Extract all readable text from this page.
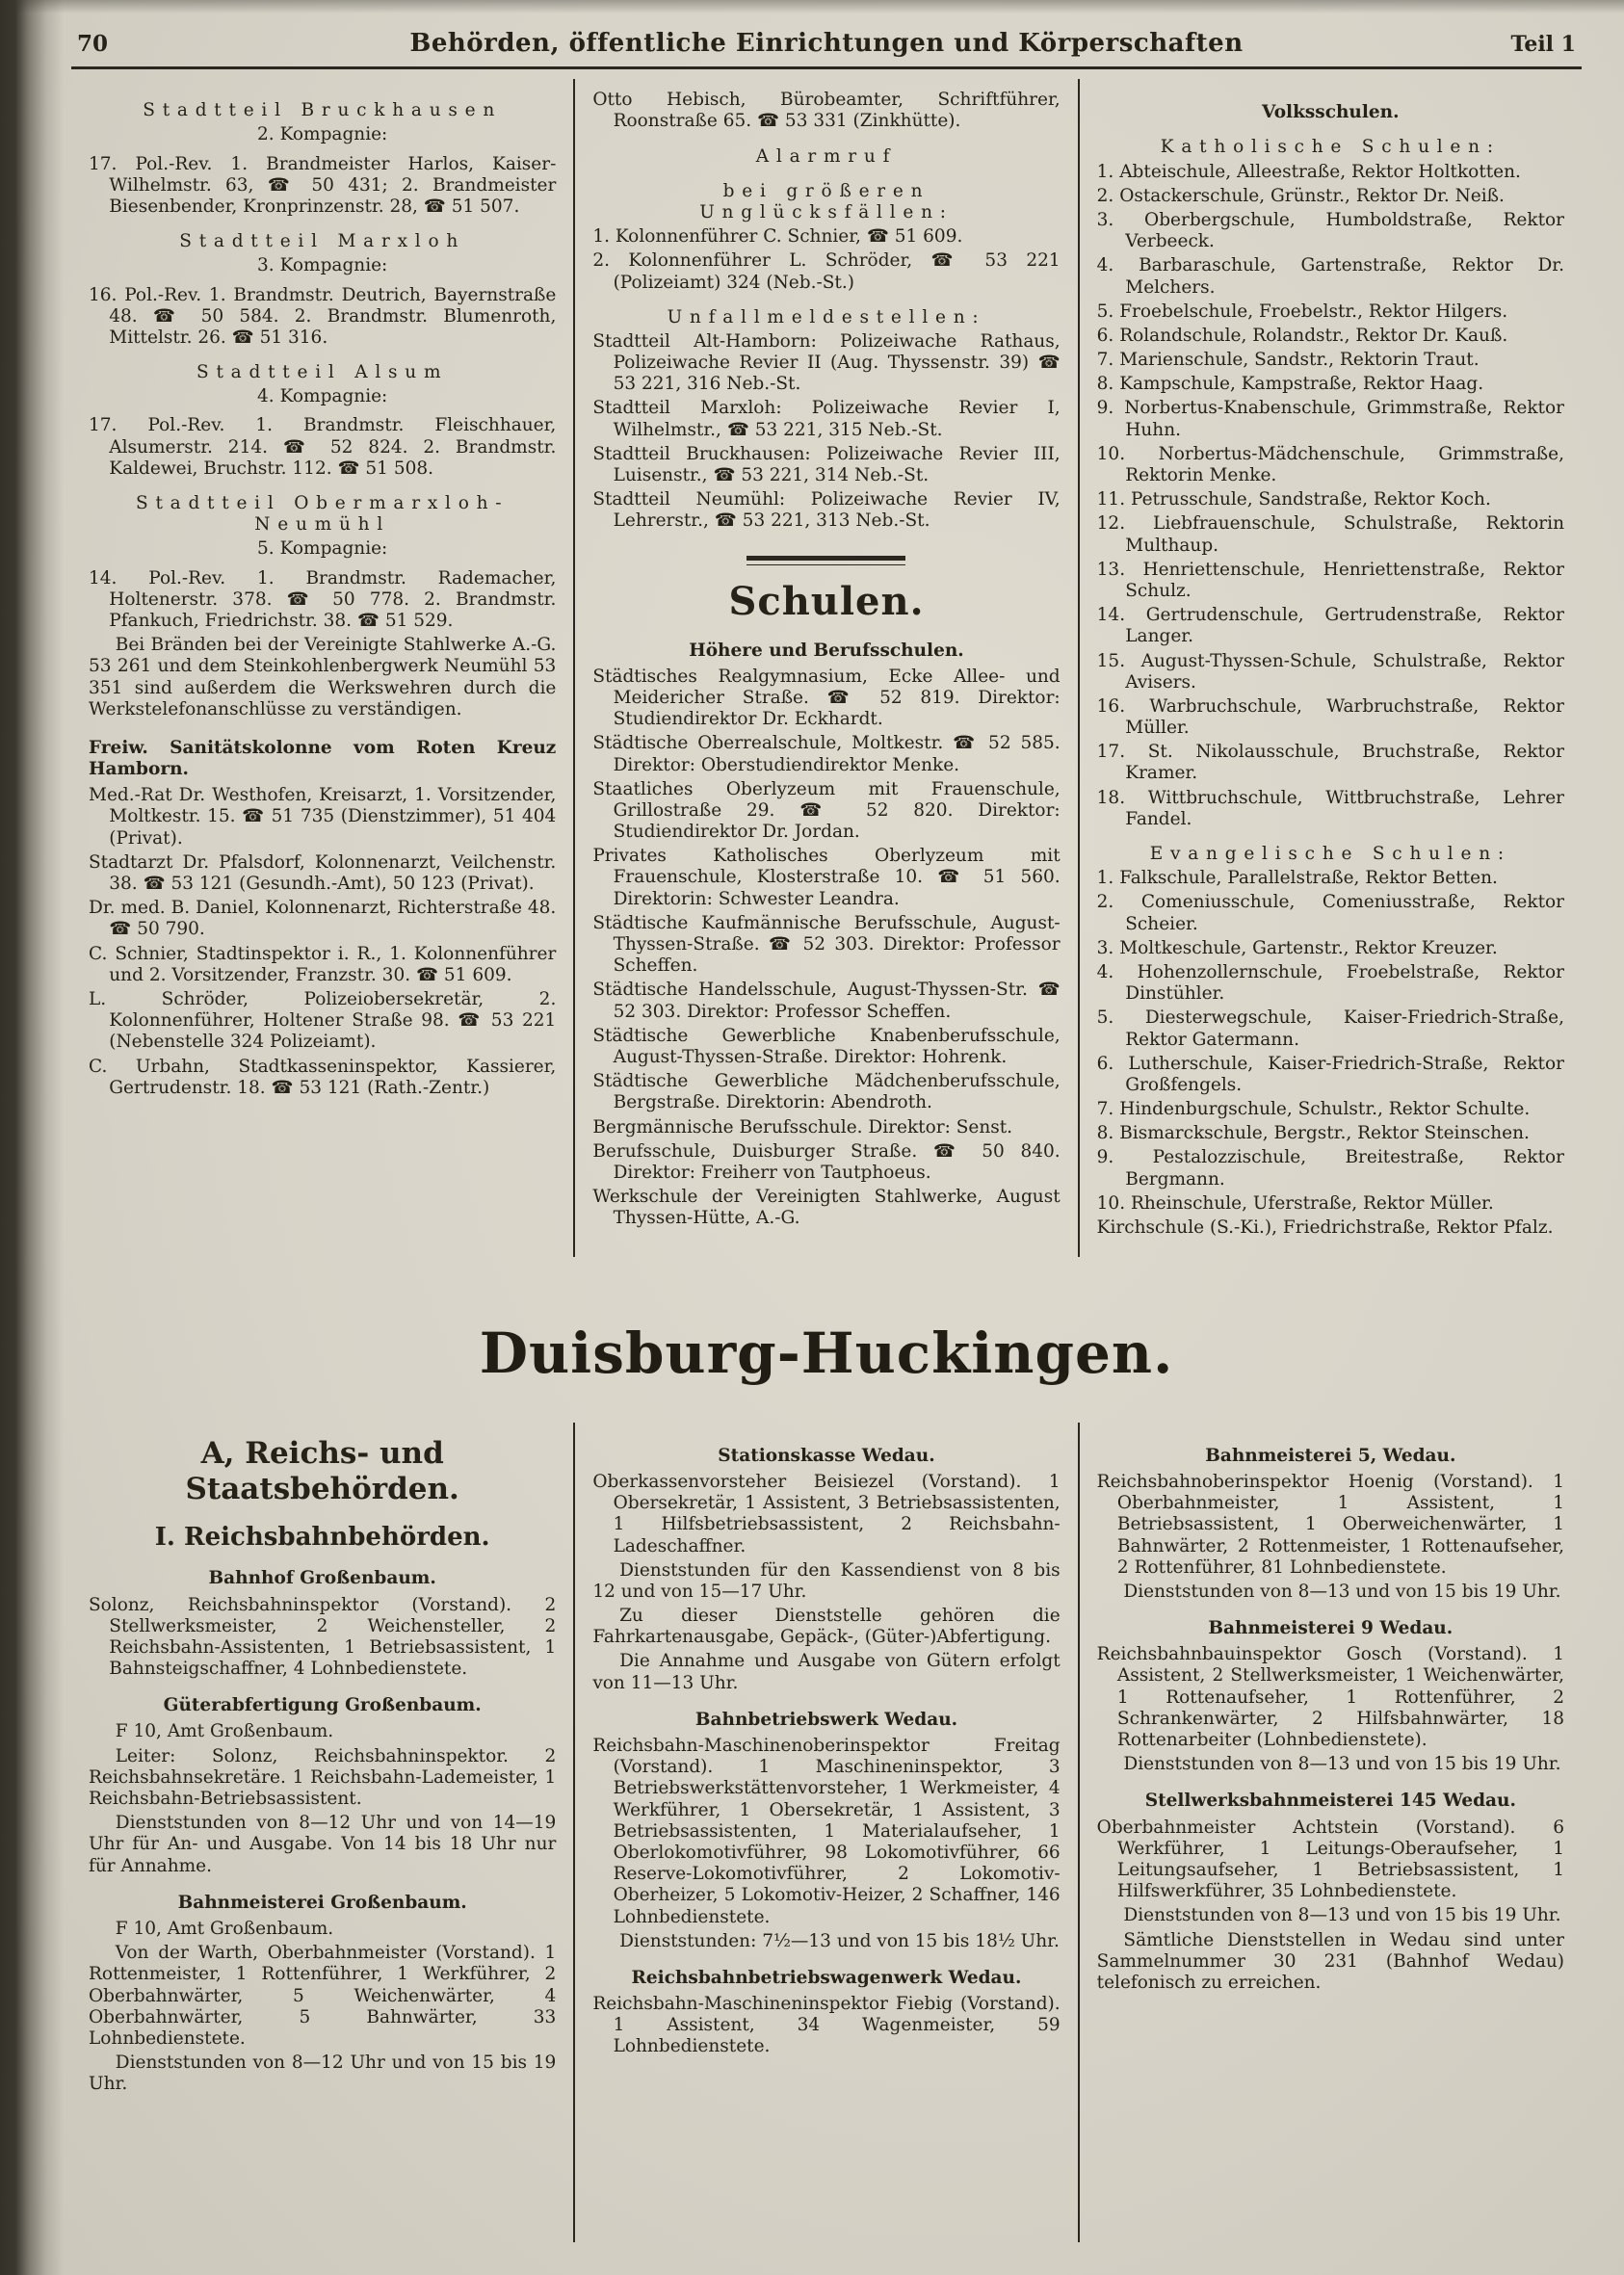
70	Behörden, öffentliche Einrichtungen und Körperschaften	Teil 1
Stadtteil Bruckhausen
2. Kompagnie:
17. Pol.-Rev. 1. Brandmeister Harlos, Kaiser-Wilhelmstr. 63, ☎ 50 431; 2. Brandmeister Biesenbender, Kronprinzenstr. 28, ☎ 51 507.
Stadtteil Marxloh
3. Kompagnie:
16. Pol.-Rev. 1. Brandmstr. Deutrich, Bayernstraße 48. ☎ 50 584. 2. Brandmstr. Blumenroth, Mittelstr. 26. ☎ 51 316.
Stadtteil Alsum
4. Kompagnie:
17. Pol.-Rev. 1. Brandmstr. Fleischhauer, Alsumerstr. 214. ☎ 52 824. 2. Brandmstr. Kaldewei, Bruchstr. 112. ☎ 51 508.
Stadtteil Obermarxloh-Neumühl
5. Kompagnie:
14. Pol.-Rev. 1. Brandmstr. Rademacher, Holtenerstr. 378. ☎ 50 778. 2. Brandmstr. Pfankuch, Friedrichstr. 38. ☎ 51 529.
Bei Bränden bei der Vereinigte Stahlwerke A.-G. 53 261 und dem Steinkohlenbergwerk Neumühl 53 351 sind außerdem die Werkswehren durch die Werkstelefonanschlüsse zu verständigen.
Freiw. Sanitätskolonne vom Roten Kreuz Hamborn.
Med.-Rat Dr. Westhofen, Kreisarzt, 1. Vorsitzender, Moltkestr. 15. ☎ 51 735 (Dienstzimmer), 51 404 (Privat).
Stadtarzt Dr. Pfalsdorf, Kolonnenarzt, Veilchenstr. 38. ☎ 53 121 (Gesundh.-Amt), 50 123 (Privat).
Dr. med. B. Daniel, Kolonnenarzt, Richterstraße 48. ☎ 50 790.
C. Schnier, Stadtinspektor i. R., 1. Kolonnenführer und 2. Vorsitzender, Franzstr. 30. ☎ 51 609.
L. Schröder, Polizeiobersekretär, 2. Kolonnenführer, Holtener Straße 98. ☎ 53 221 (Nebenstelle 324 Polizeiamt).
C. Urbahn, Stadtkasseninspektor, Kassierer, Gertrudenstr. 18. ☎ 53 121 (Rath.-Zentr.)
Otto Hebisch, Bürobeamter, Schriftführer, Roonstraße 65. ☎ 53 331 (Zinkhütte).
Alarmruf
bei größeren Unglücksfällen:
1. Kolonnenführer C. Schnier, ☎ 51 609.
2. Kolonnenführer L. Schröder, ☎ 53 221 (Polizeiamt) 324 (Neb.-St.)
Unfallmeldestellen:
Stadtteil Alt-Hamborn: Polizeiwache Rathaus, Polizeiwache Revier II (Aug. Thyssenstr. 39) ☎ 53 221, 316 Neb.-St.
Stadtteil Marxloh: Polizeiwache Revier I, Wilhelmstr., ☎ 53 221, 315 Neb.-St.
Stadtteil Bruckhausen: Polizeiwache Revier III, Luisenstr., ☎ 53 221, 314 Neb.-St.
Stadtteil Neumühl: Polizeiwache Revier IV, Lehrerstr., ☎ 53 221, 313 Neb.-St.
Schulen.
Höhere und Berufsschulen.
Städtisches Realgymnasium, Ecke Allee- und Meidericher Straße. ☎ 52 819. Direktor: Studiendirektor Dr. Eckhardt.
Städtische Oberrealschule, Moltkestr. ☎ 52 585. Direktor: Oberstudiendirektor Menke.
Staatliches Oberlyzeum mit Frauenschule, Grillostraße 29. ☎ 52 820. Direktor: Studiendirektor Dr. Jordan.
Privates Katholisches Oberlyzeum mit Frauenschule, Klosterstraße 10. ☎ 51 560. Direktorin: Schwester Leandra.
Städtische Kaufmännische Berufsschule, August-Thyssen-Straße. ☎ 52 303. Direktor: Professor Scheffen.
Städtische Handelsschule, August-Thyssen-Str. ☎ 52 303. Direktor: Professor Scheffen.
Städtische Gewerbliche Knabenberufsschule, August-Thyssen-Straße. Direktor: Hohrenk.
Städtische Gewerbliche Mädchenberufsschule, Bergstraße. Direktorin: Abendroth.
Bergmännische Berufsschule. Direktor: Senst.
Berufsschule, Duisburger Straße. ☎ 50 840. Direktor: Freiherr von Tautphoeus.
Werkschule der Vereinigten Stahlwerke, August Thyssen-Hütte, A.-G.
Volksschulen.
Katholische Schulen:
1. Abteischule, Alleestraße, Rektor Holtkotten.
2. Ostackerschule, Grünstr., Rektor Dr. Neiß.
3. Oberbergschule, Humboldstraße, Rektor Verbeeck.
4. Barbaraschule, Gartenstraße, Rektor Dr. Melchers.
5. Froebelschule, Froebelstr., Rektor Hilgers.
6. Rolandschule, Rolandstr., Rektor Dr. Kauß.
7. Marienschule, Sandstr., Rektorin Traut.
8. Kampschule, Kampstraße, Rektor Haag.
9. Norbertus-Knabenschule, Grimmstraße, Rektor Huhn.
10. Norbertus-Mädchenschule, Grimmstraße, Rektorin Menke.
11. Petrusschule, Sandstraße, Rektor Koch.
12. Liebfrauenschule, Schulstraße, Rektorin Multhaup.
13. Henriettenschule, Henriettenstraße, Rektor Schulz.
14. Gertrudenschule, Gertrudenstraße, Rektor Langer.
15. August-Thyssen-Schule, Schulstraße, Rektor Avisers.
16. Warbruchschule, Warbruchstraße, Rektor Müller.
17. St. Nikolausschule, Bruchstraße, Rektor Kramer.
18. Wittbruchschule, Wittbruchstraße, Lehrer Fandel.
Evangelische Schulen:
1. Falkschule, Parallelstraße, Rektor Betten.
2. Comeniusschule, Comeniusstraße, Rektor Scheier.
3. Moltkeschule, Gartenstr., Rektor Kreuzer.
4. Hohenzollernschule, Froebelstraße, Rektor Dinstühler.
5. Diesterwegschule, Kaiser-Friedrich-Straße, Rektor Gatermann.
6. Lutherschule, Kaiser-Friedrich-Straße, Rektor Großfengels.
7. Hindenburgschule, Schulstr., Rektor Schulte.
8. Bismarckschule, Bergstr., Rektor Steinschen.
9. Pestalozzischule, Breitestraße, Rektor Bergmann.
10. Rheinschule, Uferstraße, Rektor Müller.
Kirchschule (S.-Ki.), Friedrichstraße, Rektor Pfalz.
Duisburg-Huckingen.
A, Reichs- und Staatsbehörden.
I. Reichsbahnbehörden.
Bahnhof Großenbaum.
Solonz, Reichsbahninspektor (Vorstand). 2 Stellwerksmeister, 2 Weichensteller, 2 Reichsbahn-Assistenten, 1 Betriebsassistent, 1 Bahnsteigschaffner, 4 Lohnbedienstete.
Güterabfertigung Großenbaum.
F 10, Amt Großenbaum.
Leiter: Solonz, Reichsbahninspektor. 2 Reichsbahnsekretäre. 1 Reichsbahn-Lademeister, 1 Reichsbahn-Betriebsassistent.
Dienststunden von 8—12 Uhr und von 14—19 Uhr für An- und Ausgabe. Von 14 bis 18 Uhr nur für Annahme.
Bahnmeisterei Großenbaum.
F 10, Amt Großenbaum.
Von der Warth, Oberbahnmeister (Vorstand). 1 Rottenmeister, 1 Rottenführer, 1 Werkführer, 2 Oberbahnwärter, 5 Weichenwärter, 4 Oberbahnwärter, 5 Bahnwärter, 33 Lohnbedienstete.
Dienststunden von 8—12 Uhr und von 15 bis 19 Uhr.
Stationskasse Wedau.
Oberkassenvorsteher Beisiezel (Vorstand). 1 Obersekretär, 1 Assistent, 3 Betriebsassistenten, 1 Hilfsbetriebsassistent, 2 Reichsbahn-Ladeschaffner.
Dienststunden für den Kassendienst von 8 bis 12 und von 15—17 Uhr.
Zu dieser Dienststelle gehören die Fahrkartenausgabe, Gepäck-, (Güter-)Abfertigung.
Die Annahme und Ausgabe von Gütern erfolgt von 11—13 Uhr.
Bahnbetriebswerk Wedau.
Reichsbahn-Maschinenoberinspektor Freitag (Vorstand). 1 Maschineninspektor, 3 Betriebswerkstättenvorsteher, 1 Werkmeister, 4 Werkführer, 1 Obersekretär, 1 Assistent, 3 Betriebsassistenten, 1 Materialaufseher, 1 Oberlokomotivführer, 98 Lokomotivführer, 66 Reserve-Lokomotivführer, 2 Lokomotiv-Oberheizer, 5 Lokomotiv-Heizer, 2 Schaffner, 146 Lohnbedienstete.
Dienststunden: 7½—13 und von 15 bis 18½ Uhr.
Reichsbahnbetriebswagenwerk Wedau.
Reichsbahn-Maschineninspektor Fiebig (Vorstand). 1 Assistent, 34 Wagenmeister, 59 Lohnbedienstete.
Bahnmeisterei 5, Wedau.
Reichsbahnoberinspektor Hoenig (Vorstand). 1 Oberbahnmeister, 1 Assistent, 1 Betriebsassistent, 1 Oberweichenwärter, 1 Bahnwärter, 2 Rottenmeister, 1 Rottenaufseher, 2 Rottenführer, 81 Lohnbedienstete.
Dienststunden von 8—13 und von 15 bis 19 Uhr.
Bahnmeisterei 9 Wedau.
Reichsbahnbauinspektor Gosch (Vorstand). 1 Assistent, 2 Stellwerksmeister, 1 Weichenwärter, 1 Rottenaufseher, 1 Rottenführer, 2 Schrankenwärter, 2 Hilfsbahnwärter, 18 Rottenarbeiter (Lohnbedienstete).
Dienststunden von 8—13 und von 15 bis 19 Uhr.
Stellwerksbahnmeisterei 145 Wedau.
Oberbahnmeister Achtstein (Vorstand). 6 Werkführer, 1 Leitungs-Oberaufseher, 1 Leitungsaufseher, 1 Betriebsassistent, 1 Hilfswerkführer, 35 Lohnbedienstete.
Dienststunden von 8—13 und von 15 bis 19 Uhr.
Sämtliche Dienststellen in Wedau sind unter Sammelnummer 30 231 (Bahnhof Wedau) telefonisch zu erreichen.
